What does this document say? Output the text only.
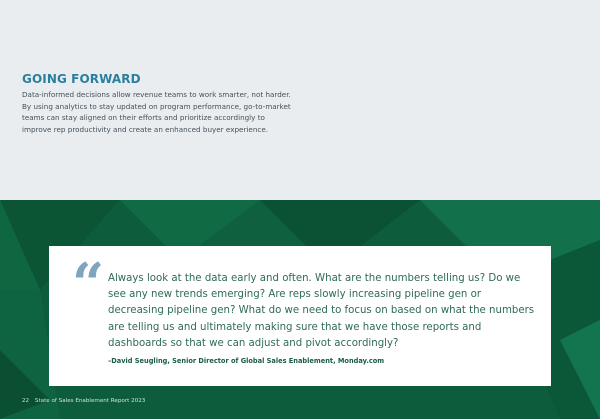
GOING FORWARD
Data-informed decisions allow revenue teams to work smarter, not harder. By using analytics to stay updated on program performance, go-to-market teams can stay aligned on their efforts and prioritize accordingly to improve rep productivity and create an enhanced buyer experience.
“ Always look at the data early and often. What are the numbers telling us? Do we see any new trends emerging? Are reps slowly increasing pipeline gen or decreasing pipeline gen? What do we need to focus on based on what the numbers are telling us and ultimately making sure that we have those reports and dashboards so that we can adjust and pivot accordingly?
–David Seugling, Senior Director of Global Sales Enablement, Monday.com
22 State of Sales Enablement Report 2023
